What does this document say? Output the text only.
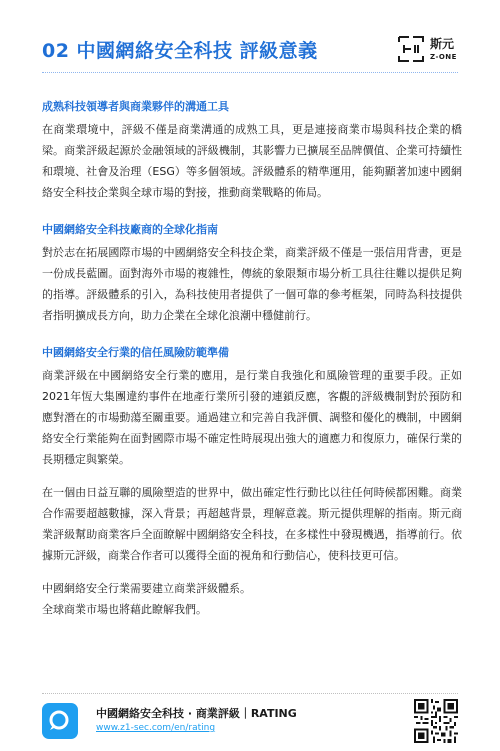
02 中國網絡安全科技 評級意義	斯元
Z-ONE
成熟科技領導者與商業夥伴的溝通工具

在商業環境中，評級不僅是商業溝通的成熟工具，更是連接商業市場與科技企業的橋梁。商業評級起源於金融領域的評級機制，其影響力已擴展至品牌價值、企業可持續性和環境、社會及治理（ESG）等多個領域。評級體系的精準運用，能夠顯著加速中國網絡安全科技企業與全球市場的對接，推動商業戰略的佈局。

中國網絡安全科技廠商的全球化指南

對於志在拓展國際市場的中國網絡安全科技企業，商業評級不僅是一張信用背書，更是一份成長藍圖。面對海外市場的複雜性，傳統的象限類市場分析工具往往難以提供足夠的指導。評級體系的引入，為科技使用者提供了一個可靠的參考框架，同時為科技提供者指明擴成長方向，助力企業在全球化浪潮中穩健前行。

中國網絡安全行業的信任風險防範準備

商業評級在中國網絡安全行業的應用，是行業自我強化和風險管理的重要手段。正如2021年恆大集團違約事件在地產行業所引發的連鎖反應，客觀的評級機制對於預防和應對潛在的市場動蕩至關重要。通過建立和完善自我評價、調整和優化的機制，中國網絡安全行業能夠在面對國際市場不確定性時展現出強大的適應力和復原力，確保行業的長期穩定與繁榮。

在一個由日益互聯的風險塑造的世界中，做出確定性行動比以往任何時候都困難。商業合作需要超越數據，深入背景；再超越背景，理解意義。斯元提供理解的指南。斯元商業評級幫助商業客戶全面瞭解中國網絡安全科技，在多樣性中發現機遇，指導前行。依據斯元評級，商業合作者可以獲得全面的視角和行動信心，使科技更可信。

中國網絡安全行業需要建立商業評級體系。
全球商業市場也將藉此瞭解我們。

中國網絡安全科技 · 商業評級｜RATING
www.z1-sec.com/en/rating
